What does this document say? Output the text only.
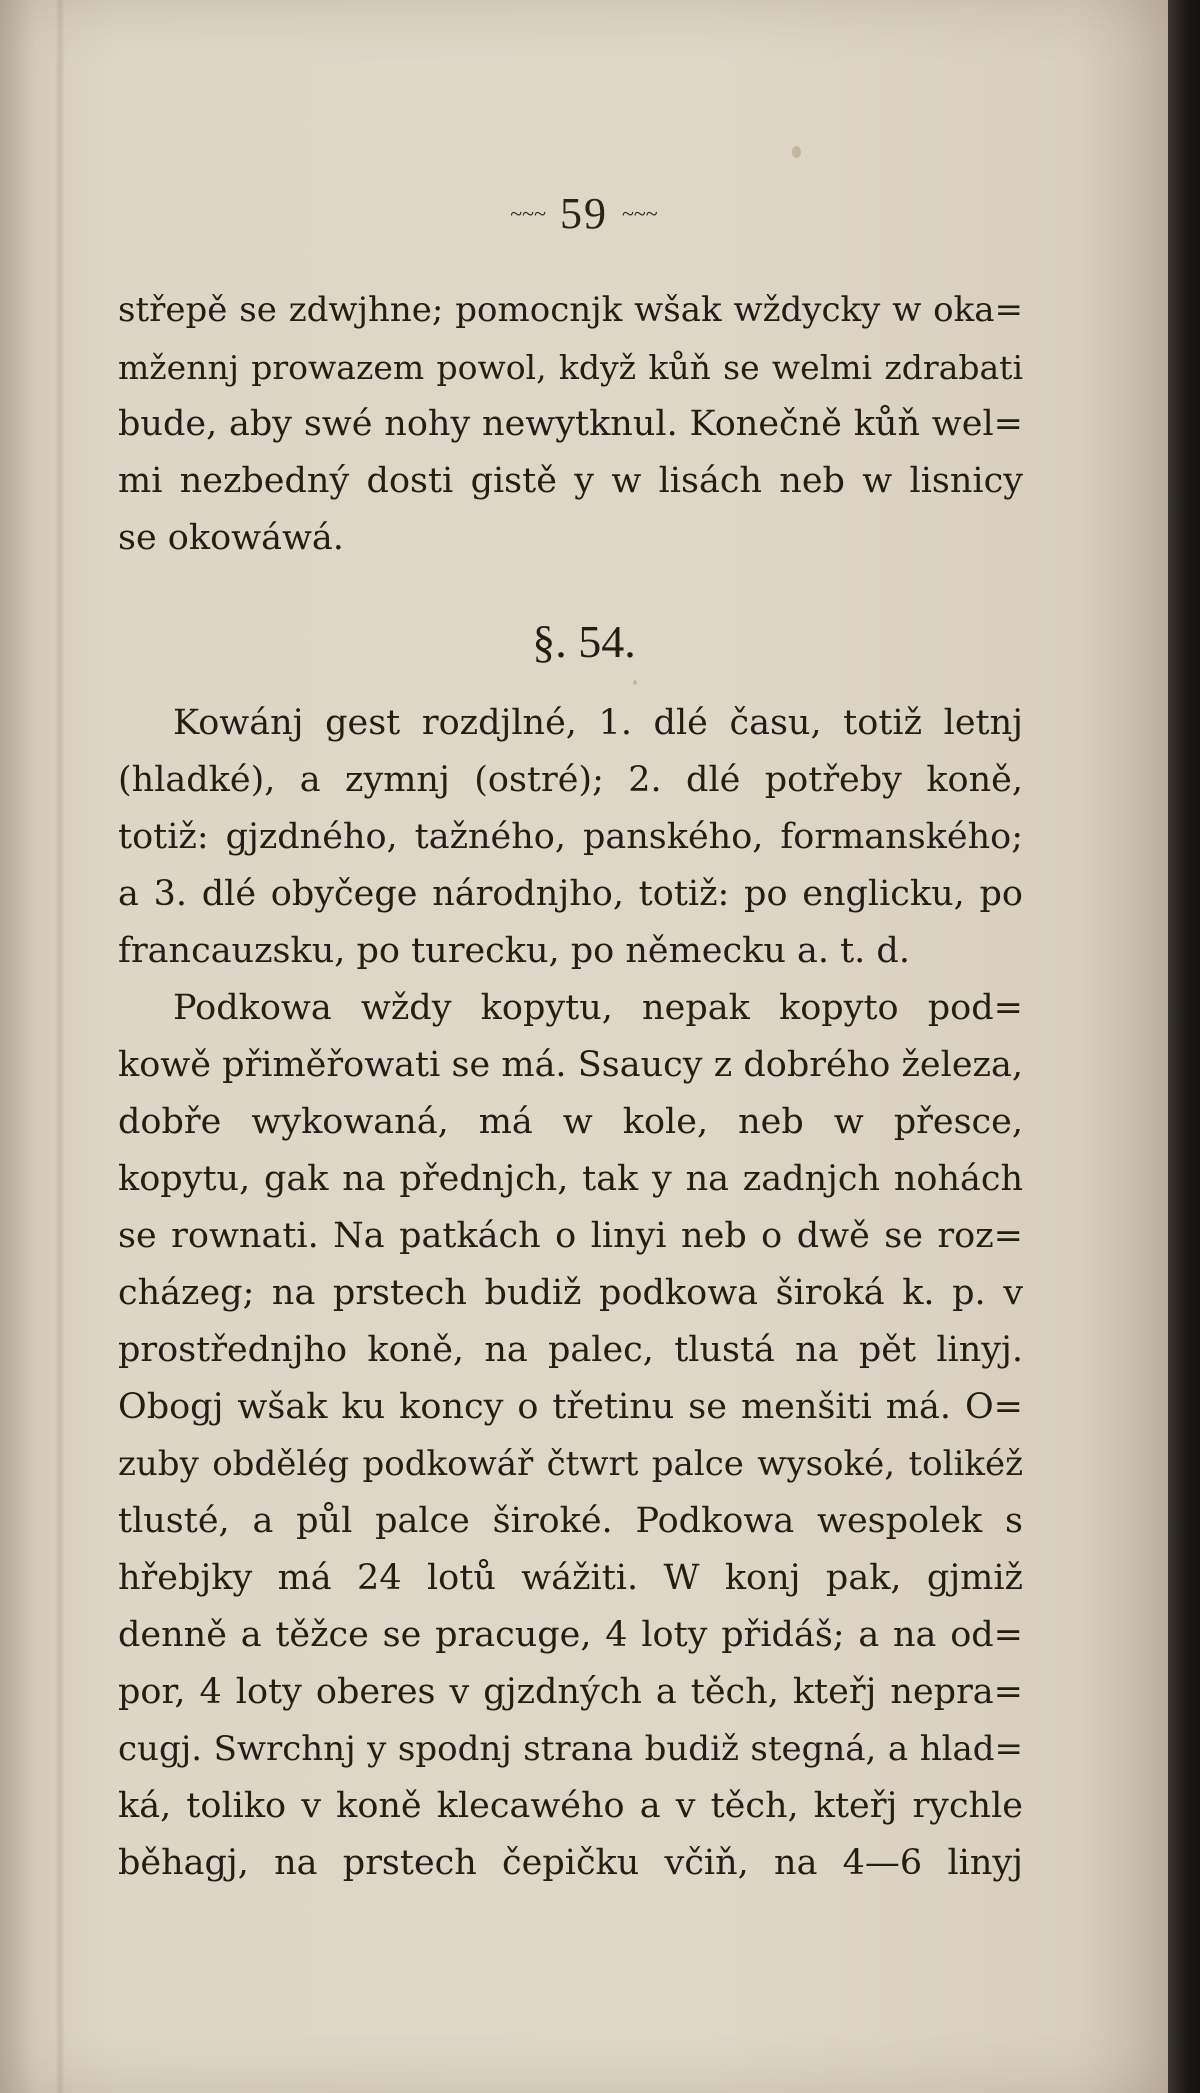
~~~ 59 ~~~
střepě se zdwjhne; pomocnjk wšak wždycky w oka=
mžennj prowazem powol, když kůň se welmi zdrabati
bude, aby swé nohy newytknul. Konečně kůň wel=
mi nezbedný dosti gistě y w lisách neb w lisnicy
se okowáwá.
§. 54.
Kowánj gest rozdjlné, 1. dlé času, totiž letnj
(hladké), a zymnj (ostré); 2. dlé potřeby koně,
totiž: gjzdného, tažného, panského, formanského;
a 3. dlé obyčege národnjho, totiž: po englicku, po
francauzsku, po turecku, po německu a. t. d.
Podkowa wždy kopytu, nepak kopyto pod=
kowě přiměřowati se má. Ssaucy z dobrého železa,
dobře wykowaná, má w kole, neb w přesce,
kopytu, gak na přednjch, tak y na zadnjch nohách
se rownati. Na patkách o linyi neb o dwě se roz=
cházeg; na prstech budiž podkowa široká k. p. v
prostřednjho koně, na palec, tlustá na pět linyj.
Obogj wšak ku koncy o třetinu se menšiti má. O=
zuby obdělég podkowář čtwrt palce wysoké, tolikéž
tlusté, a půl palce široké. Podkowa wespolek s
hřebjky má 24 lotů wážiti. W konj pak, gjmiž
denně a těžce se pracuge, 4 loty přidáš; a na od=
por, 4 loty oberes v gjzdných a těch, kteřj nepra=
cugj. Swrchnj y spodnj strana budiž stegná, a hlad=
ká, toliko v koně klecawého a v těch, kteřj rychle
běhagj, na prstech čepičku včiň, na 4—6 linyj
